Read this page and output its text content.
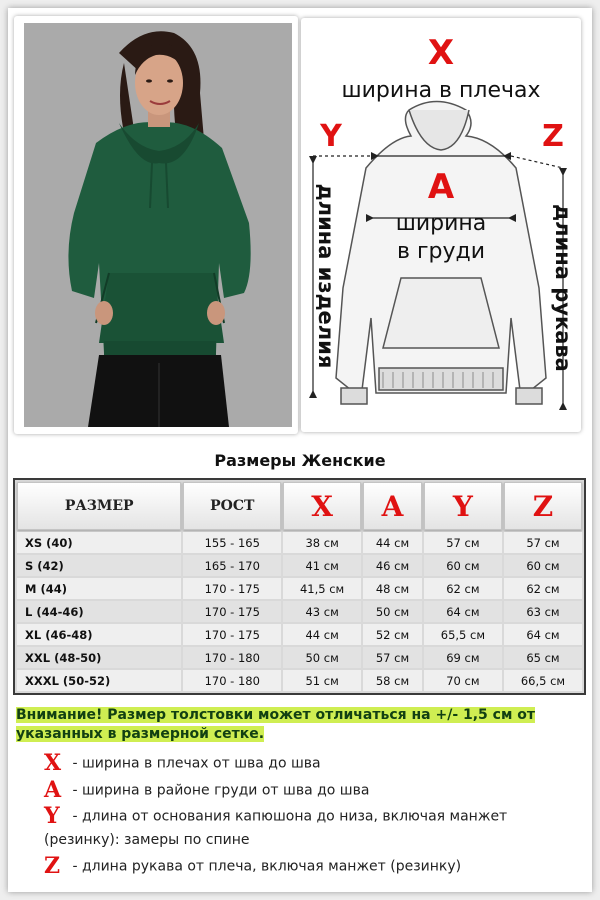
X
ширина в плечах
Y	Z
A
ширина
в груди
длина изделия	длина рукава
Размеры Женские
РАЗМЕР	РОСТ	X	A	Y	Z
XS (40)	155 - 165	38 см	44 см	57 см	57 см
S (42)	165 - 170	41 см	46 см	60 см	60 см
M (44)	170 - 175	41,5 см	48 см	62 см	62 см
L (44-46)	170 - 175	43 см	50 см	64 см	63 см
XL (46-48)	170 - 175	44 см	52 см	65,5 см	64 см
XXL (48-50)	170 - 180	50 см	57 см	69 см	65 см
XXXL (50-52)	170 - 180	51 см	58 см	70 см	66,5 см
Внимание! Размер толстовки может отличаться на +/- 1,5 см от указанных в размерной сетке.
X - ширина в плечах от шва до шва
A - ширина в районе груди от шва до шва
Y - длина от основания капюшона до низа, включая манжет (резинку): замеры по спине
Z - длина рукава от плеча, включая манжет (резинку)
